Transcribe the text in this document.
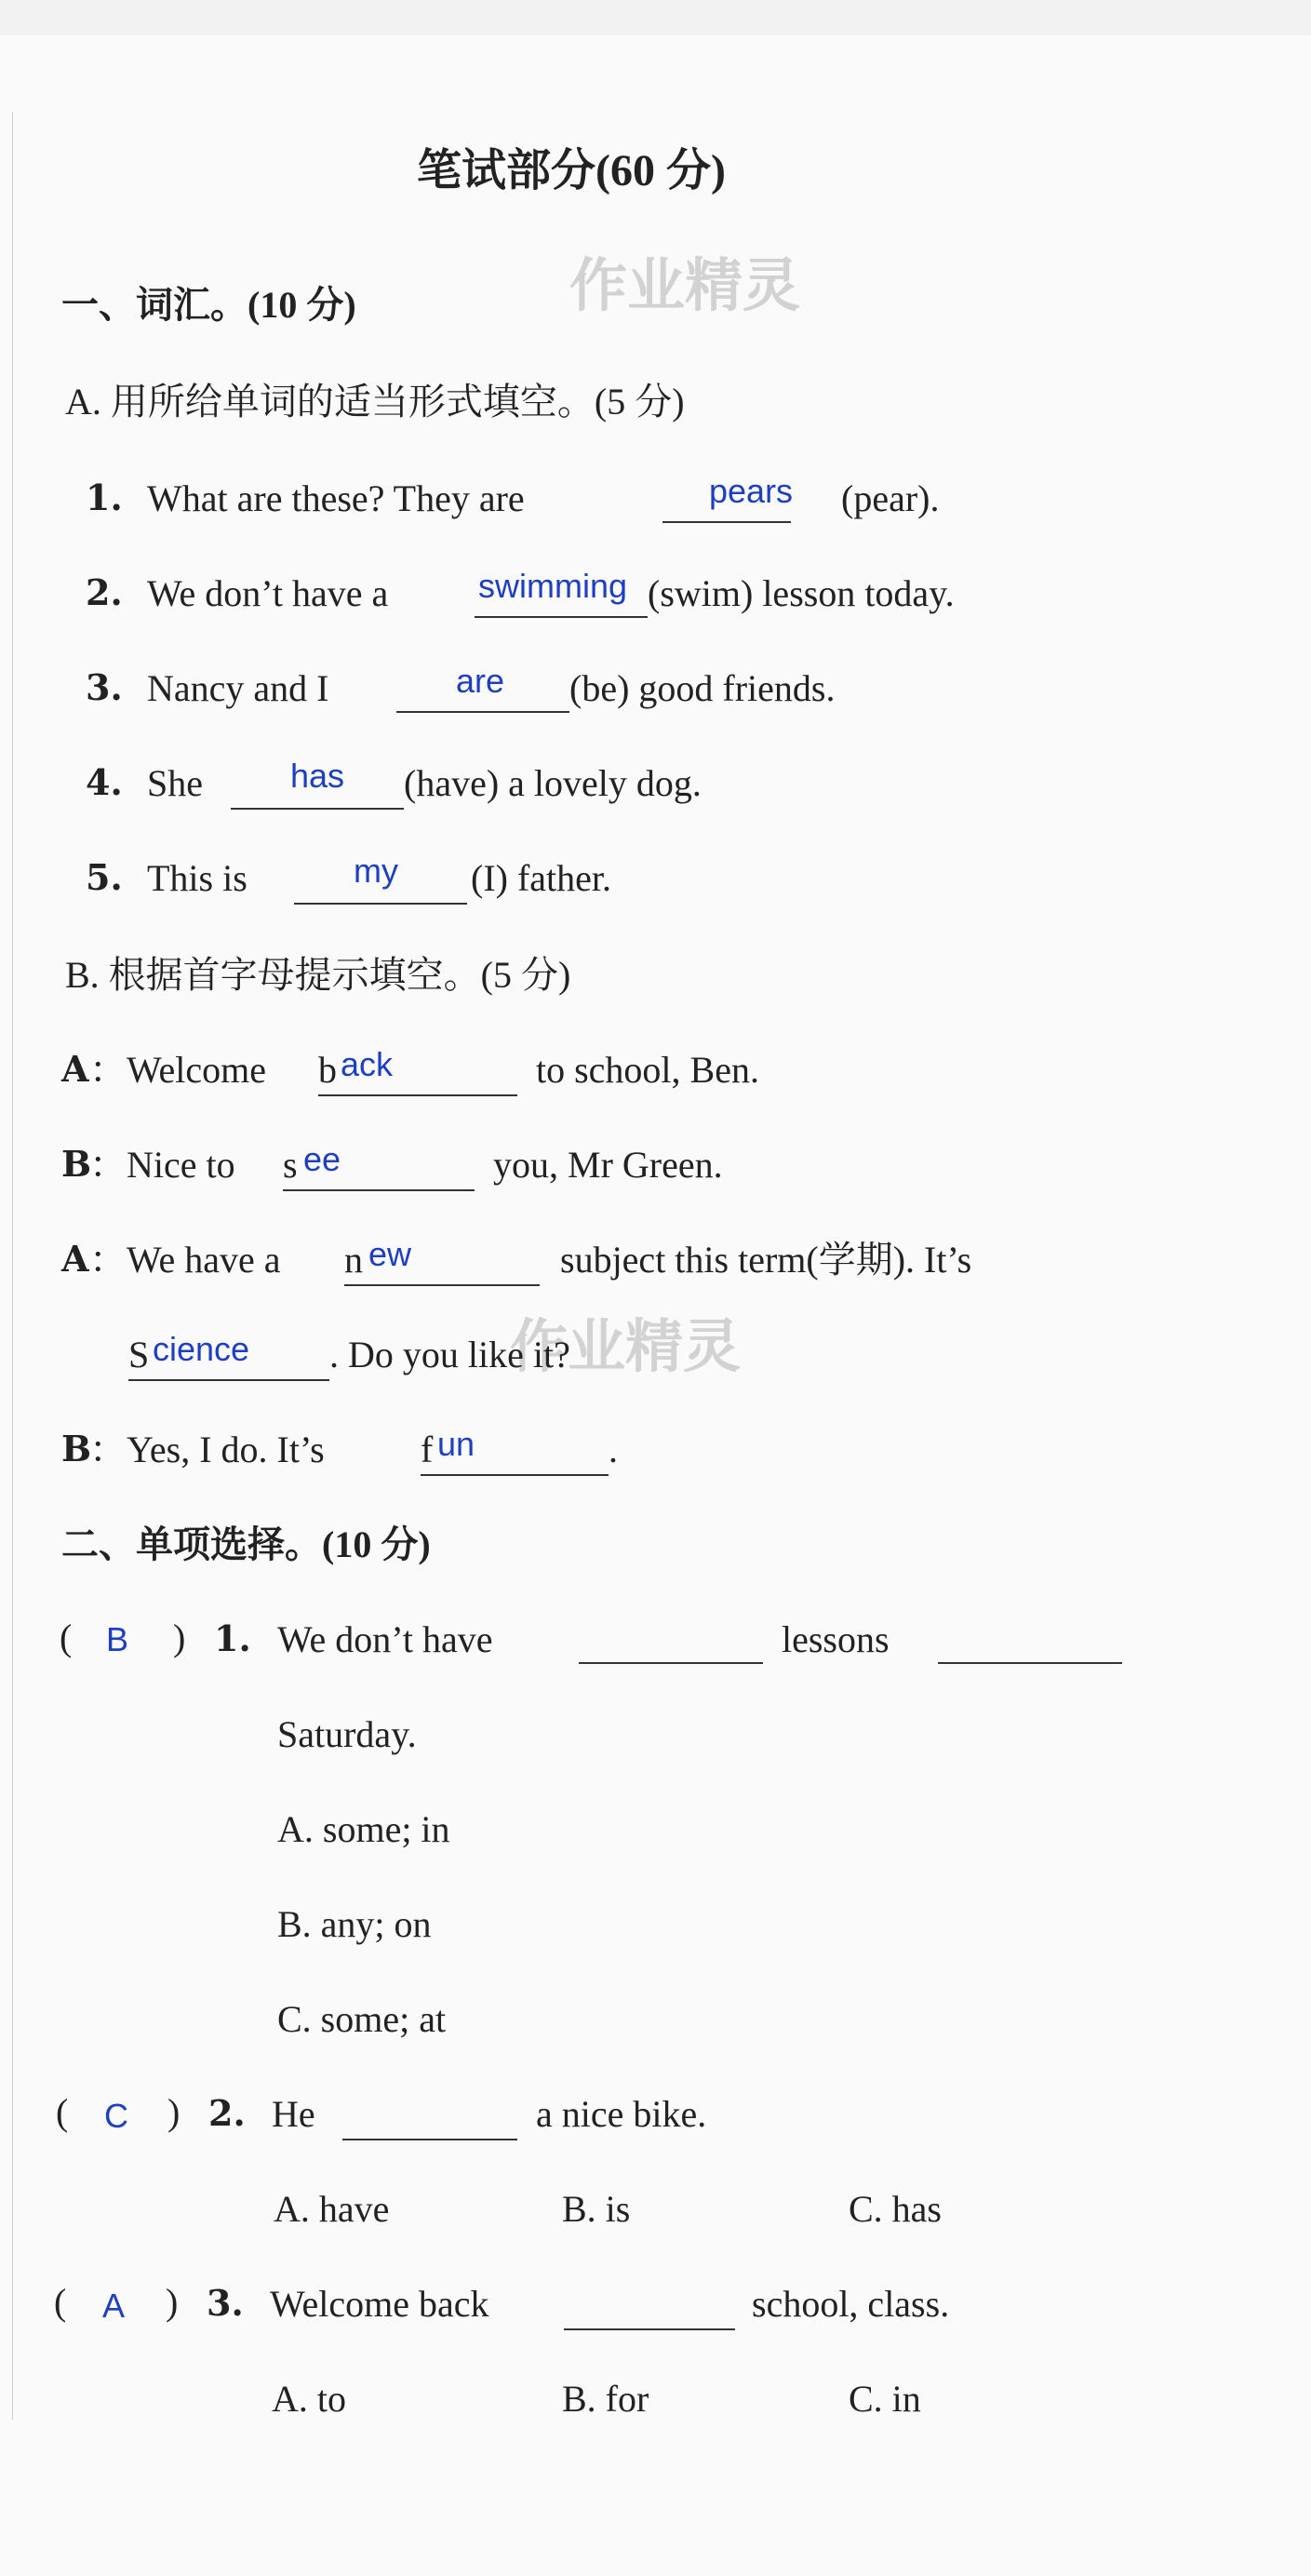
作业精灵
作业精灵
笔试部分(60 分)
一、词汇。(10 分)
A. 用所给单词的适当形式填空。(5 分)
1. What are these? They are	pears (pear).
2. We don’t have a	swimming (swim) lesson today.
3. Nancy and I	are (be) good friends.
4. She	has (have) a lovely dog.
5. This is	my (I) father.
B. 根据首字母提示填空。(5 分)
A ：Welcome b ack	to school, Ben.
B
：Nice to s ee	you, Mr Green.
A ：We have a n ew	subject this term(学期). It’s
S cience . Do you like it?
B
：Yes, I do. It’s	f un	.
二、单项选择。(10 分)
( B ) 1. We don’t have	lessons
Saturday.
A. some; in
B. any; on
C. some; at
( C ) 2. He	a nice bike.
A. have	B. is	C. has
( A ) 3. Welcome back	school, class.
A. to	B. for	C. in
